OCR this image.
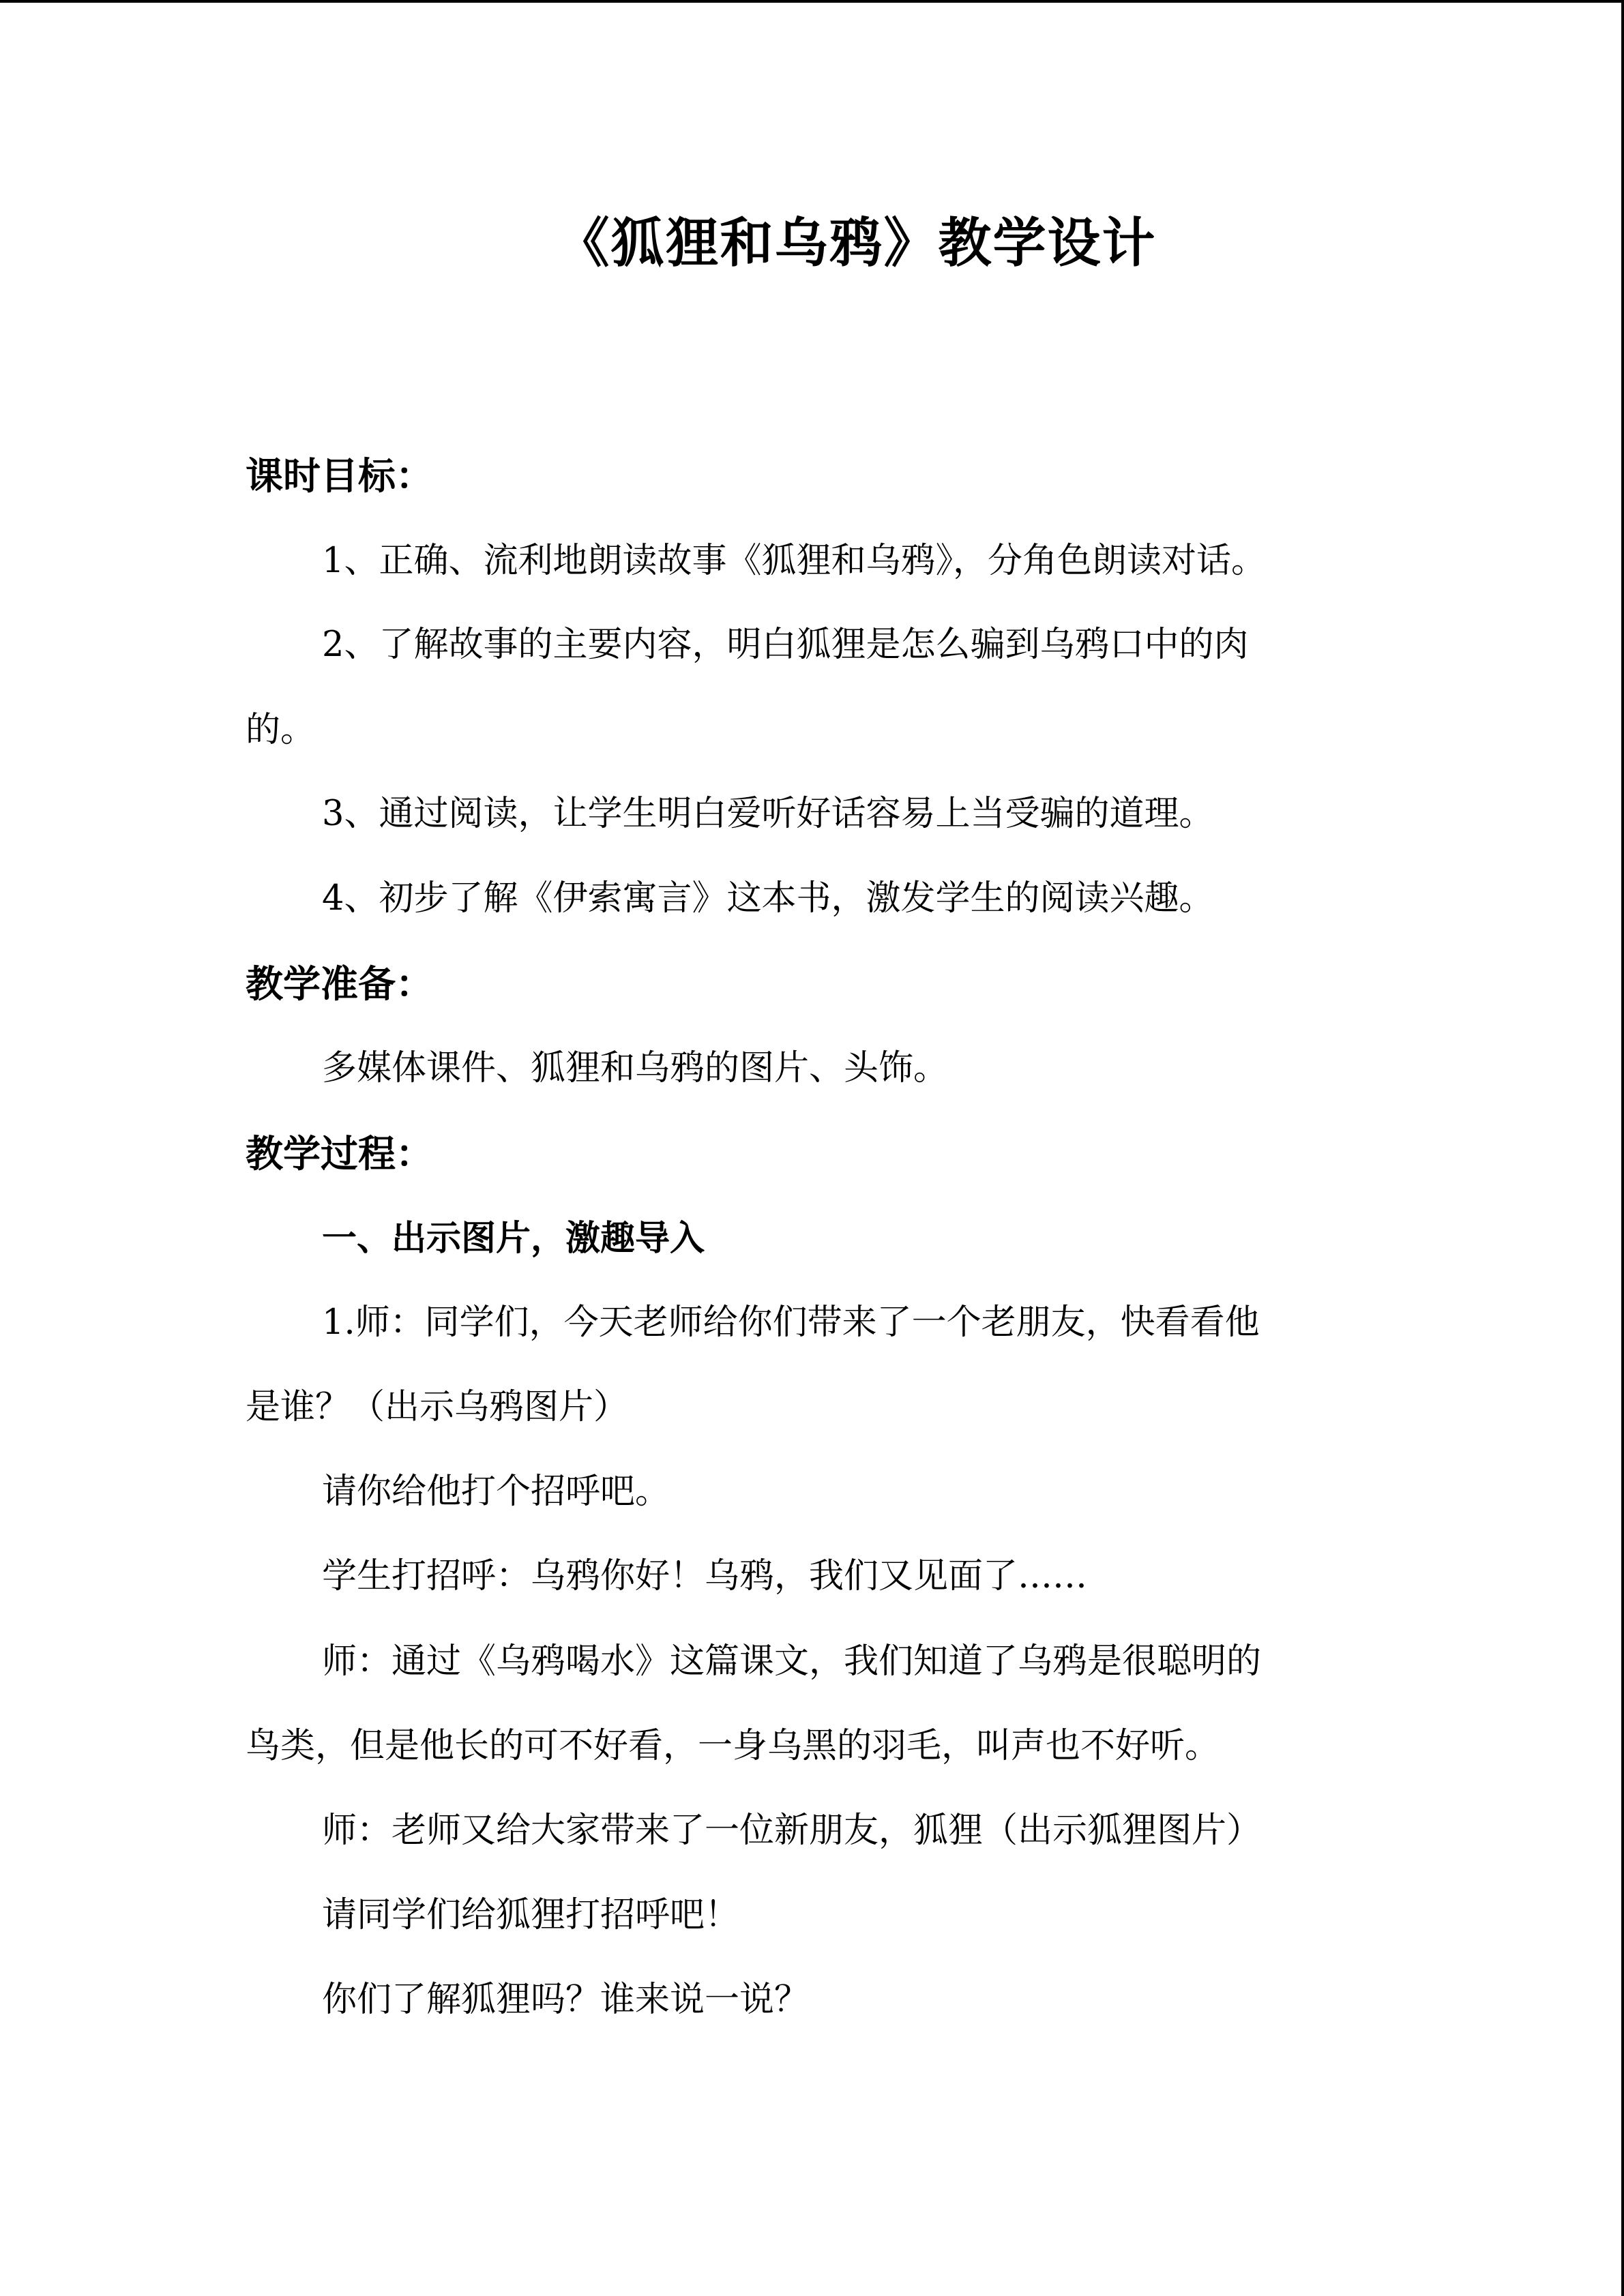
《狐狸和乌鸦》教学设计
课时目标：
1、正确、流利地朗读故事《狐狸和乌鸦》，分角色朗读对话。
2、了解故事的主要内容，明白狐狸是怎么骗到乌鸦口中的肉
的。
3、通过阅读，让学生明白爱听好话容易上当受骗的道理。
4、初步了解《伊索寓言》这本书，激发学生的阅读兴趣。
教学准备：
多媒体课件、狐狸和乌鸦的图片、头饰。
教学过程：
一、出示图片，激趣导入
1.师：同学们，今天老师给你们带来了一个老朋友，快看看他
是谁？（出示乌鸦图片）
请你给他打个招呼吧。
学生打招呼：乌鸦你好！乌鸦，我们又见面了……
师：通过《乌鸦喝水》这篇课文，我们知道了乌鸦是很聪明的
鸟类，但是他长的可不好看，一身乌黑的羽毛，叫声也不好听。
师：老师又给大家带来了一位新朋友，狐狸（出示狐狸图片）
请同学们给狐狸打招呼吧！
你们了解狐狸吗？谁来说一说？
